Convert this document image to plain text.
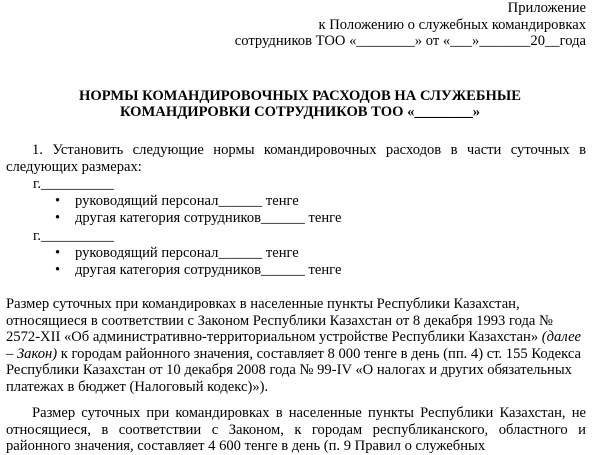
Приложение
к Положению о служебных командировках
сотрудников ТОО «________» от «___»_______20__года
НОРМЫ КОМАНДИРОВОЧНЫХ РАСХОДОВ НА СЛУЖЕБНЫЕ
КОМАНДИРОВКИ СОТРУДНИКОВ ТОО «________»

1. Установить следующие нормы командировочных расходов в части суточных в следующих размерах:

г.__________
• руководящий персонал______ тенге
• другая категория сотрудников______ тенге
г.__________
• руководящий персонал______ тенге
• другая категория сотрудников______ тенге

Размер суточных при командировках в населенные пункты Республики Казахстан, относящиеся в соответствии с Законом Республики Казахстан от 8 декабря 1993 года № 2572-XII «Об административно-территориальном устройстве Республики Казахстан» (далее – Закон) к городам районного значения, составляет 8 000 тенге в день (пп. 4) ст. 155 Кодекса Республики Казахстан от 10 декабря 2008 года № 99-IV «О налогах и других обязательных платежах в бюджет (Налоговый кодекс)»).

Размер суточных при командировках в населенные пункты Республики Казахстан, не относящиеся, в соответствии с Законом, к городам республиканского, областного и районного значения, составляет 4 600 тенге в день (п. 9 Правил о служебных
